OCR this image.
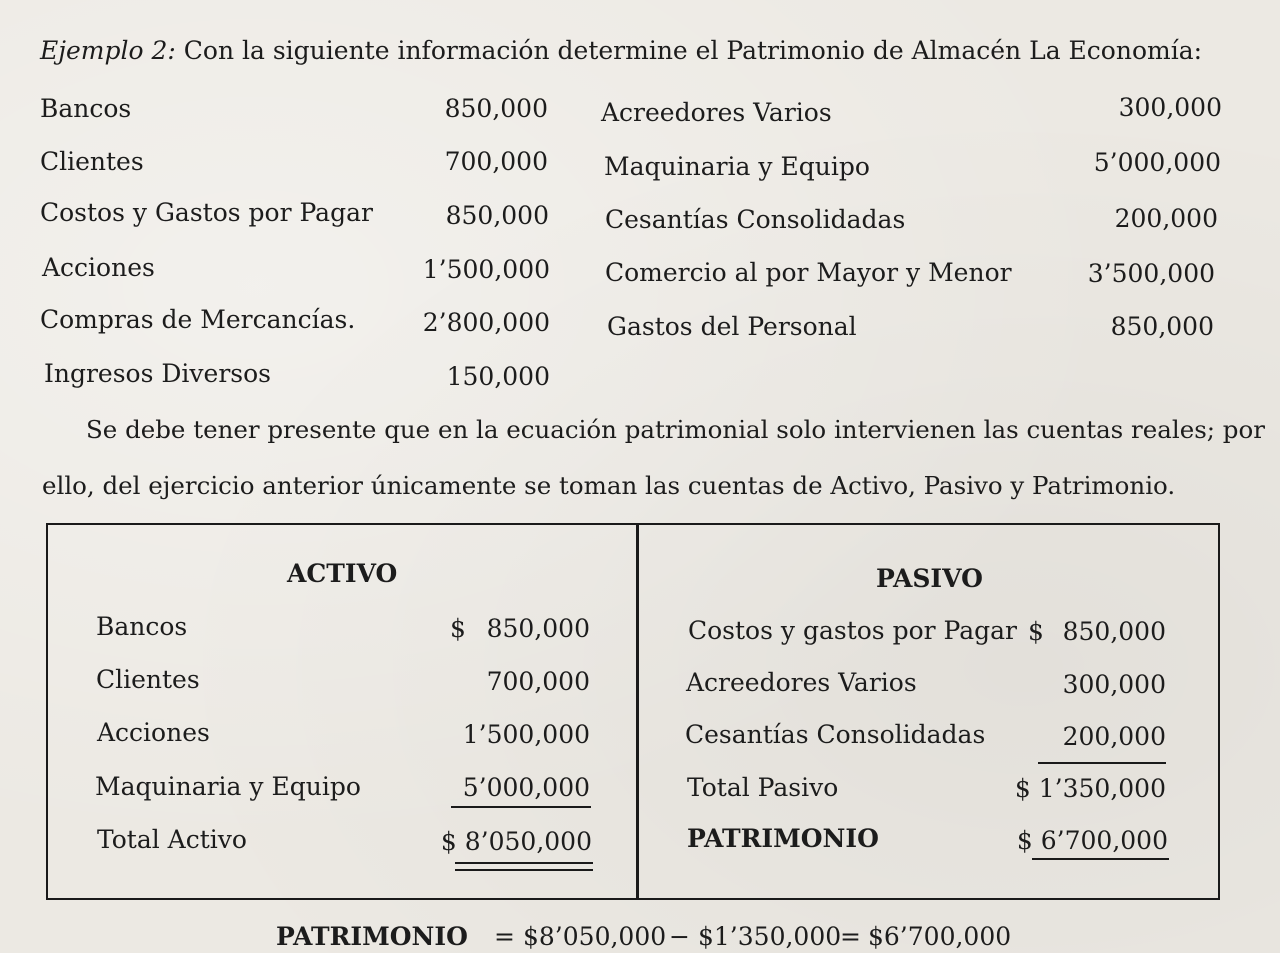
Ejemplo 2: Con la siguiente información determine el Patrimonio de Almacén La Economía:
Bancos	850,000
Clientes	700,000
Costos y Gastos por Pagar	850,000
Acciones	1’500,000
Compras de Mercancías.	2’800,000
Ingresos Diversos	150,000
Acreedores Varios	300,000
Maquinaria y Equipo	5’000,000
Cesantías Consolidadas	200,000
Comercio al por Mayor y Menor	3’500,000
Gastos del Personal	850,000
Se debe tener presente que en la ecuación patrimonial solo intervienen las cuentas reales; por
ello, del ejercicio anterior únicamente se toman las cuentas de Activo, Pasivo y Patrimonio.
ACTIVO
Bancos	$ 850,000
Clientes	700,000
Acciones	1’500,000
Maquinaria y Equipo	5’000,000
Total Activo	$ 8’050,000
PASIVO
Costos y gastos por Pagar $ 850,000
Acreedores Varios	300,000
Cesantías Consolidadas	200,000
Total Pasivo	$ 1’350,000
PATRIMONIO	$ 6’700,000
PATRIMONIO = $8’050,000 − $1’350,000
= $6’700,000
